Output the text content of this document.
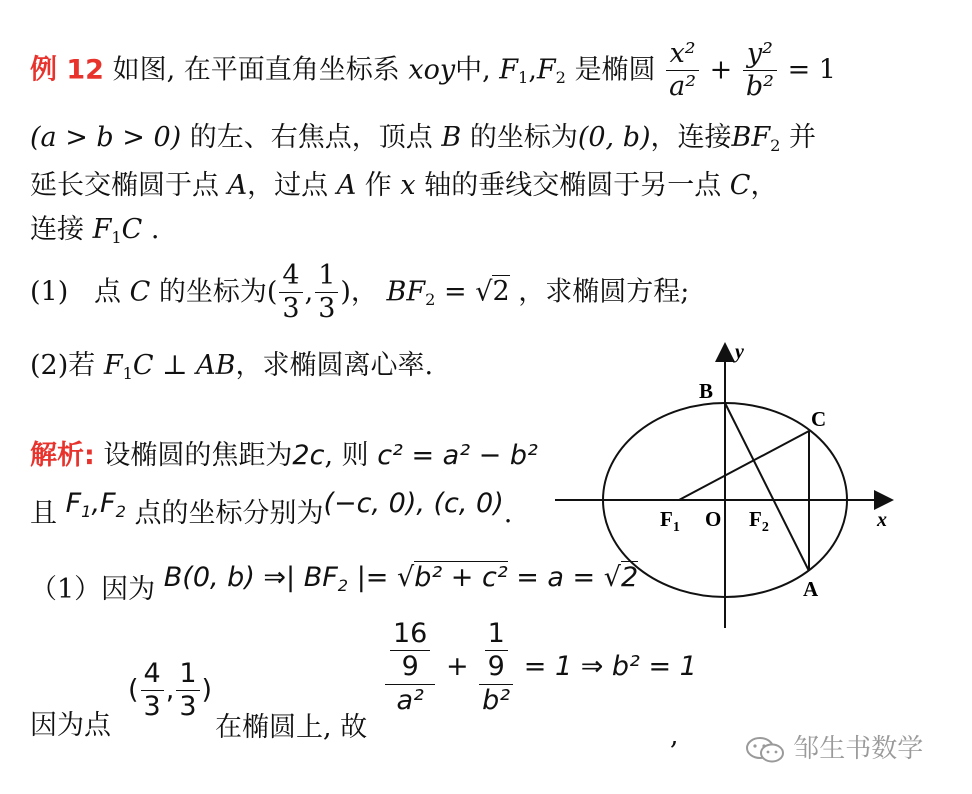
例 12 如图, 在平面直角坐标系 xoy中, $F_1,F_2$ 是椭圆 $\frac{\text{x²}}{\text{a²}} + \frac{\text{y²}}{\text{b²}} = 1$
(a > b > 0) 的左、右焦点，顶点 B 的坐标为(0, b)，连接$BF_2$ 并
延长交椭圆于点 A，过点 A 作 x 轴的垂线交椭圆于另一点 C，
连接 $F_1C$ .
(1) 点 C 的坐标为( $\frac{4}{3}$ , $\frac{1}{3}$ )， $BF_2 = √2$ ，求椭圆方程;
(2)若 $F_1C$ ⊥ AB，求椭圆离心率.
解析: 设椭圆的焦距为2c, 则 c² = a² − b²
且 $F_1,F_2$ 点的坐标分别为(−c, 0), (c, 0).
（1）因为 B(0, b) ⇒| $BF_2$ |= √b² + c² = a = √2
因为点
( $\frac{4}{3}$ , $\frac{1}{3}$ )
在椭圆上, 故
$\frac{\frac{16}{9}}{\text{a²}} + \frac{\frac{1}{9}}{\text{b²}} = 1$ ⇒ b² = 1
,
y
x
B
C
A
O
$F_1$	$F_2$
邹生书数学
